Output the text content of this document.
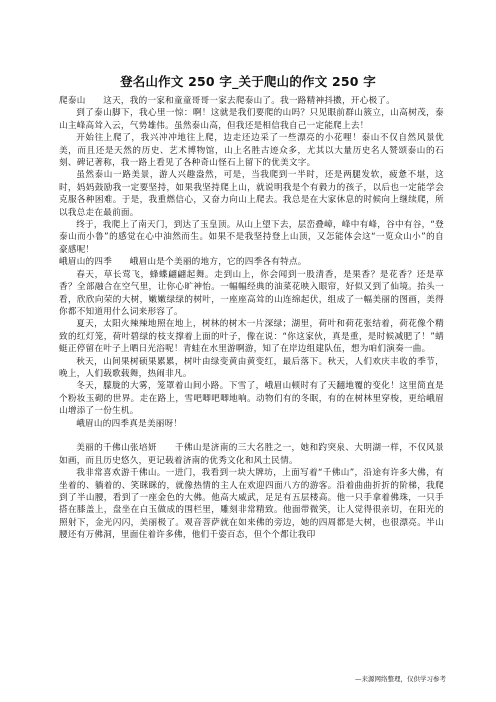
登名山作文 250 字_关于爬山的作文 250 字

爬泰山　　这天，我的一家和童童哥哥一家去爬泰山了。我一路精神抖擞，开心极了。

到了泰山脚下，我心里一惊：啊！这就是我们要爬的山吗？只见眼前群山簇立，山高树茂，泰山主峰高耸入云，气势雄伟。虽然泰山高，但我还是相信我自己一定能爬上去！

开始往上爬了，我兴冲冲地往上爬，边走还边采了一些漂亮的小花哩！泰山不仅自然风景优美，而且还是天然的历史、艺术博物馆，山上名胜古迹众多，尤其以大量历史名人赞颂泰山的石刻、碑记著称，我一路上看见了各种奇山怪石上留下的优美文字。

虽然泰山一路美景，游人兴趣盎然，可是，当我爬到一半时，还是两腿发软，疲惫不堪，这时，妈妈鼓励我一定要坚持，如果我坚持爬上山，就说明我是个有毅力的孩子，以后也一定能学会克服各种困难。于是，我重燃信心，又奋力向山上爬去。我总是在大家休息的时候向上继续爬，所以我总走在最前面。

终于，我爬上了南天门，到达了玉皇顶。从山上望下去，层峦叠嶂，峰中有峰，谷中有谷，“登泰山而小鲁”的感觉在心中油然而生。如果不是我坚持登上山顶，又怎能体会这“一览众山小”的自豪感呢！

峨眉山的四季　　峨眉山是个美丽的地方，它的四季各有特点。

春天，草长莺飞，蜂蝶翩翩起舞。走到山上，你会闻到一股清香，是果香？是花香？还是草香？全部融合在空气里，让你心旷神怡。一幅幅经典的油菜花映入眼帘，好似又到了仙境。抬头一看，欣欣向荣的大树，嫩嫩绿绿的树叶，一座座高耸的山连绵起伏，组成了一幅美丽的图画，美得你都不知道用什么词来形容了。

夏天，太阳火辣辣地照在地上，树林的树木一片深绿；湖里，荷叶和荷花张结着，荷花像个精致的红灯笼，荷叶碧绿的枝支撑着上面的叶子，像在说：“你这家伙，真是重，是时候减肥了！”蜻蜓正停留在叶子上晒日光浴呢！青蛙在水里游啊游，知了在岸边组建队伍，想为咱们演奏一曲。

秋天，山间果树硕果累累，树叶由绿变黄由黄变红，最后落下。秋天，人们欢庆丰收的季节，晚上，人们载歌载舞，热闹非凡。

冬天，朦胧的大雾，笼罩着山间小路。下雪了，峨眉山顿时有了天翻地覆的变化！这里简直是个粉妆玉砌的世界。走在路上，雪吧唧吧唧地响。动物们有的冬眠，有的在树林里穿梭，更给峨眉山增添了一份生机。

峨眉山的四季真是美丽呀！

美丽的千佛山张培妍　　千佛山是济南的三大名胜之一，她和趵突泉、大明湖一样，不仅风景如画，而且历史悠久，更记载着济南的优秀文化和风土民情。

我非常喜欢游千佛山。一进门，我看到一块大牌坊，上面写着“千佛山”，沿途有许多大佛，有坐着的、躺着的、笑眯眯的，就像热情的主人在欢迎四面八方的游客。沿着曲曲折折的阶梯，我爬到了半山腰，看到了一座金色的大佛。他高大威武，足足有五层楼高。他一只手拿着佛珠，一只手搭在膝盖上，盘坐在白玉做成的围栏里，雕刻非常精致。他面带微笑，让人觉得很亲切，在阳光的照射下，金光闪闪，美丽极了。观音菩萨就在如来佛的旁边，她的四周都是大树，也很漂亮。半山腰还有万佛洞，里面住着许多佛，他们千姿百态，但个个都让我印

—来源网络整理，仅供学习参考
